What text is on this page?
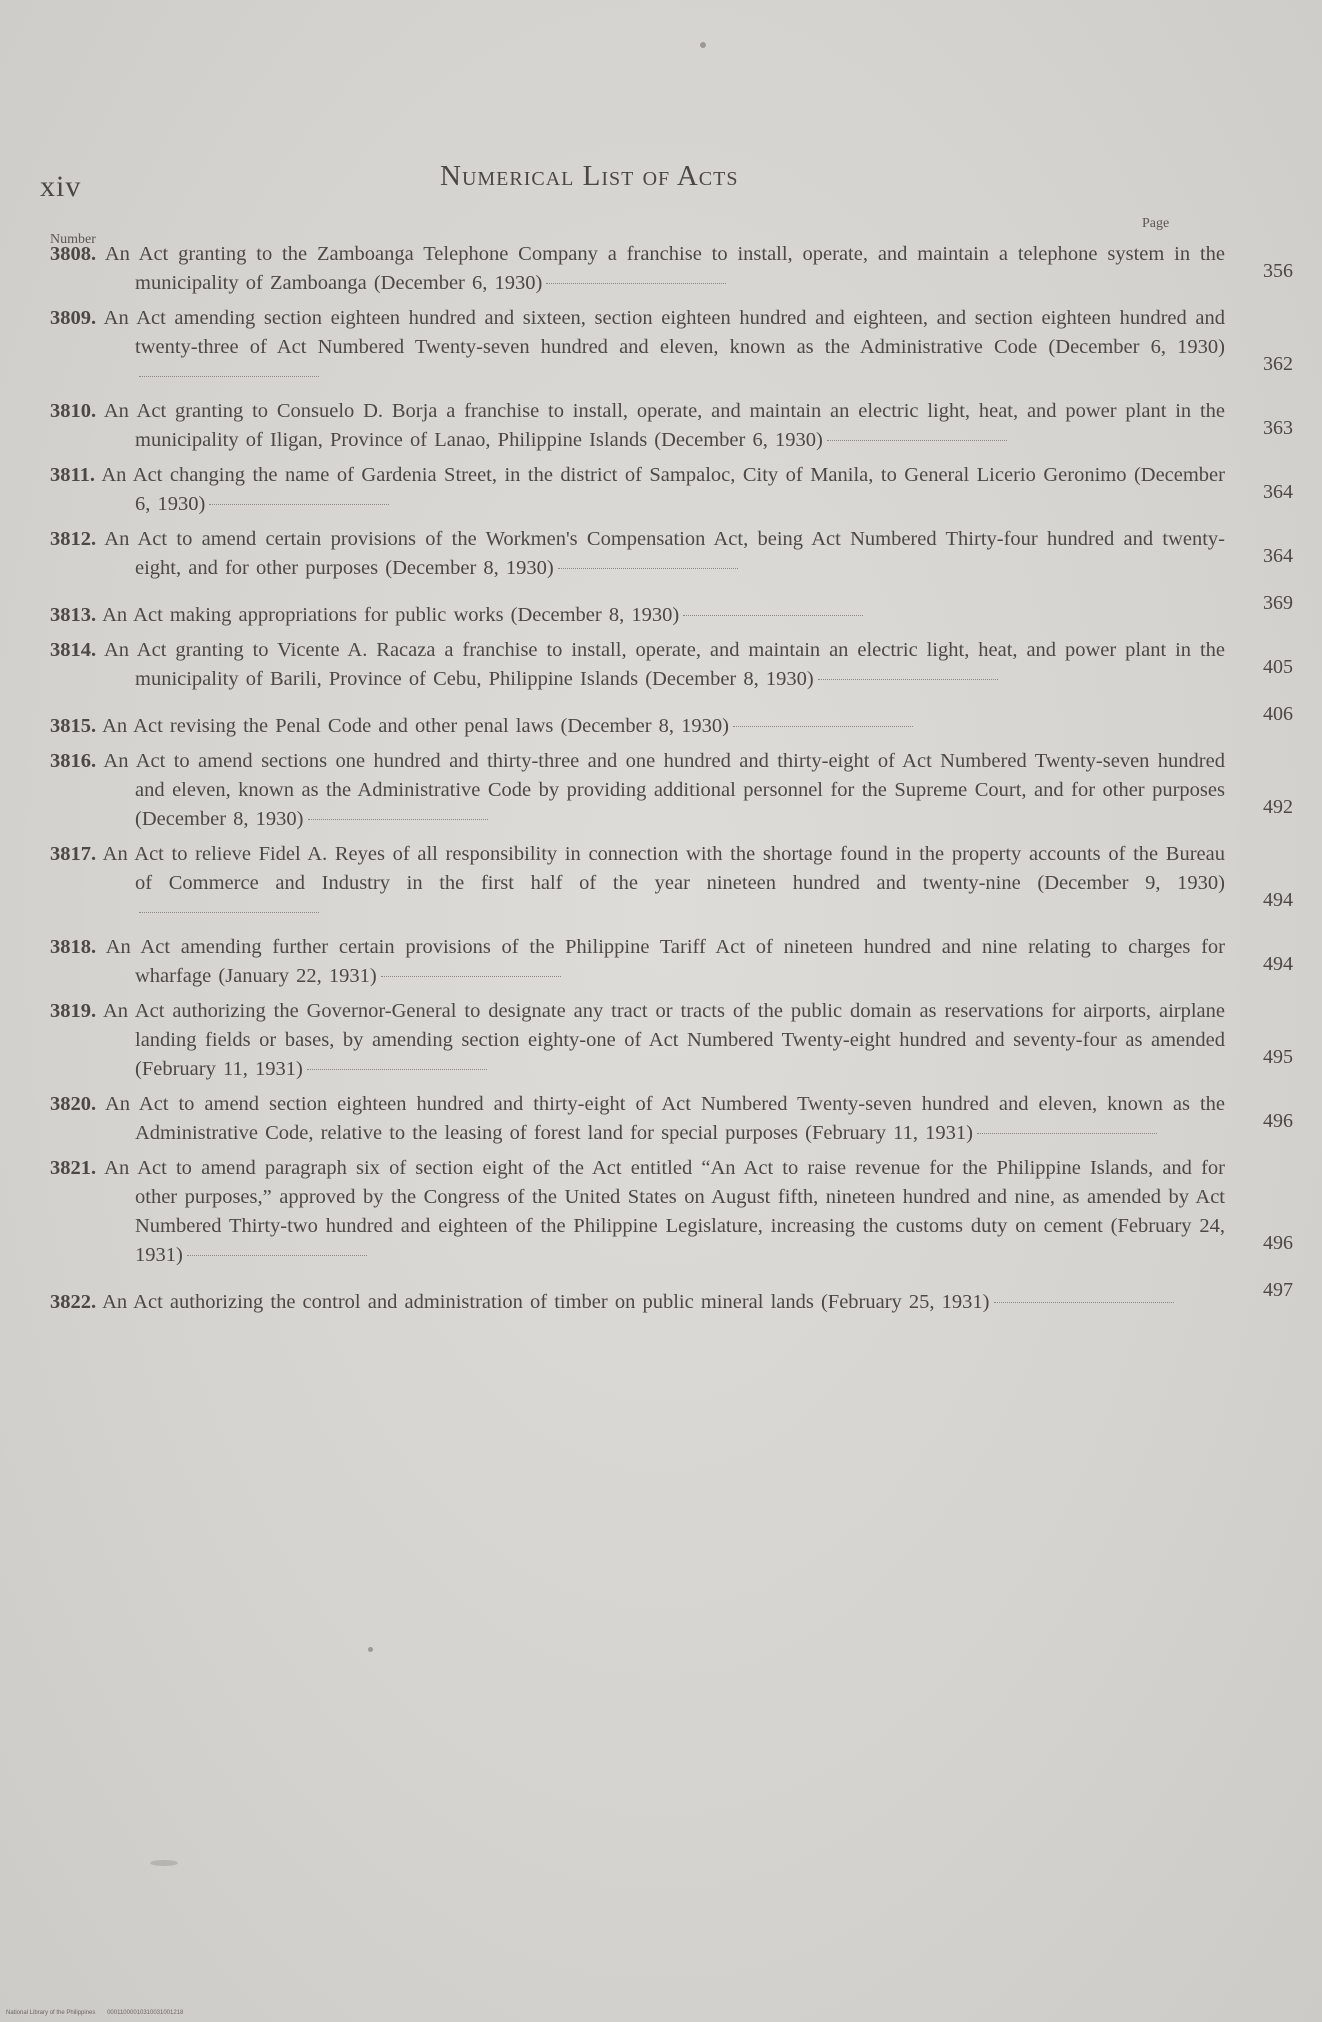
xiv	Numerical List of Acts
Number
Page
3808. An Act granting to the Zamboanga Telephone Company a franchise to install, operate, and maintain a telephone system in the municipality of Zamboanga (December 6, 1930)
356
3809. An Act amending section eighteen hundred and sixteen, section eighteen hundred and eighteen, and section eighteen hundred and twenty-three of Act Numbered Twenty-seven hundred and eleven, known as the Administrative Code (December 6, 1930)
362
3810. An Act granting to Consuelo D. Borja a franchise to install, operate, and maintain an electric light, heat, and power plant in the municipality of Iligan, Province of Lanao, Philippine Islands (December 6, 1930)
363
3811. An Act changing the name of Gardenia Street, in the district of Sampaloc, City of Manila, to General Licerio Geronimo (December 6, 1930)
364
3812. An Act to amend certain provisions of the Workmen's Compensation Act, being Act Numbered Thirty-four hundred and twenty-eight, and for other purposes (December 8, 1930)
364
3813. An Act making appropriations for public works (December 8, 1930)
369
3814. An Act granting to Vicente A. Racaza a franchise to install, operate, and maintain an electric light, heat, and power plant in the municipality of Barili, Province of Cebu, Philippine Islands (December 8, 1930)
405
3815. An Act revising the Penal Code and other penal laws (December 8, 1930)
406
3816. An Act to amend sections one hundred and thirty-three and one hundred and thirty-eight of Act Numbered Twenty-seven hundred and eleven, known as the Administrative Code by providing additional personnel for the Supreme Court, and for other purposes (December 8, 1930)
492
3817. An Act to relieve Fidel A. Reyes of all responsibility in connection with the shortage found in the property accounts of the Bureau of Commerce and Industry in the first half of the year nineteen hundred and twenty-nine (December 9, 1930)
494
3818. An Act amending further certain provisions of the Philippine Tariff Act of nineteen hundred and nine relating to charges for wharfage (January 22, 1931)
494
3819. An Act authorizing the Governor-General to designate any tract or tracts of the public domain as reservations for airports, airplane landing fields or bases, by amending section eighty-one of Act Numbered Twenty-eight hundred and seventy-four as amended (February 11, 1931)
495
3820. An Act to amend section eighteen hundred and thirty-eight of Act Numbered Twenty-seven hundred and eleven, known as the Administrative Code, relative to the leasing of forest land for special purposes (February 11, 1931)
496
3821. An Act to amend paragraph six of section eight of the Act entitled “An Act to raise revenue for the Philippine Islands, and for other purposes,” approved by the Congress of the United States on August fifth, nineteen hundred and nine, as amended by Act Numbered Thirty-two hundred and eighteen of the Philippine Legislature, increasing the customs duty on cement (February 24, 1931)
496
3822. An Act authorizing the control and administration of timber on public mineral lands (February 25, 1931)
497
National Library of the Philippines 00011000010310031001218
